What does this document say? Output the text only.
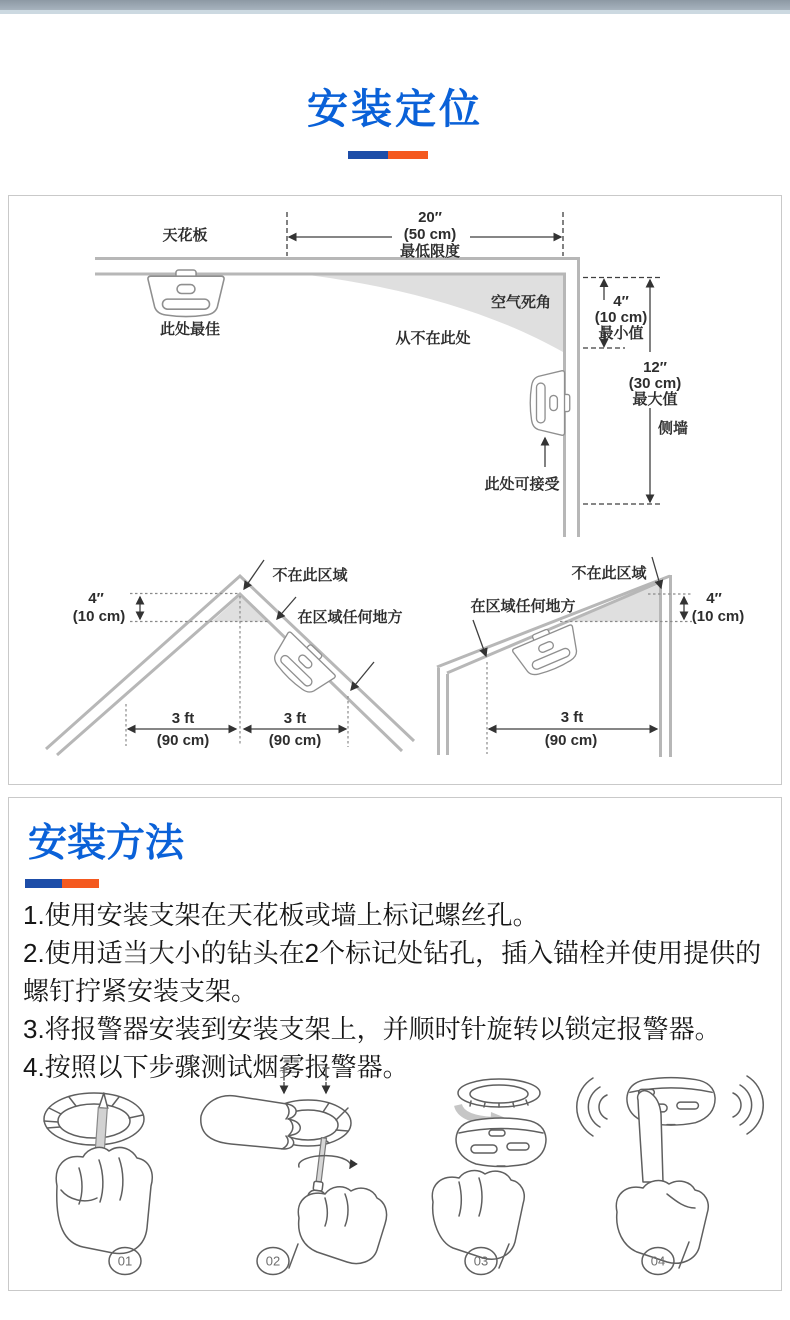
安装定位
天花板
20″
(50 cm)
最低限度
空气死角
从不在此处
此处最佳
4″
(10 cm)
最小值
12″
(30 cm)
最大值
侧墙
此处可接受
4″
(10 cm)
不在此区域
在区域任何地方
3 ft
(90 cm)
3 ft
(90 cm)
4″
(10 cm)
不在此区域
在区域任何地方
3 ft
(90 cm)
安装方法

1.使用安装支架在天花板或墙上标记螺丝孔。

2.使用适当大小的钻头在2个标记处钻孔，插入锚栓并使用提供的螺钉拧紧安装支架。

3.将报警器安装到安装支架上，并顺时针旋转以锁定报警器。

4.按照以下步骤测试烟雾报警器。

01	02	03	04
